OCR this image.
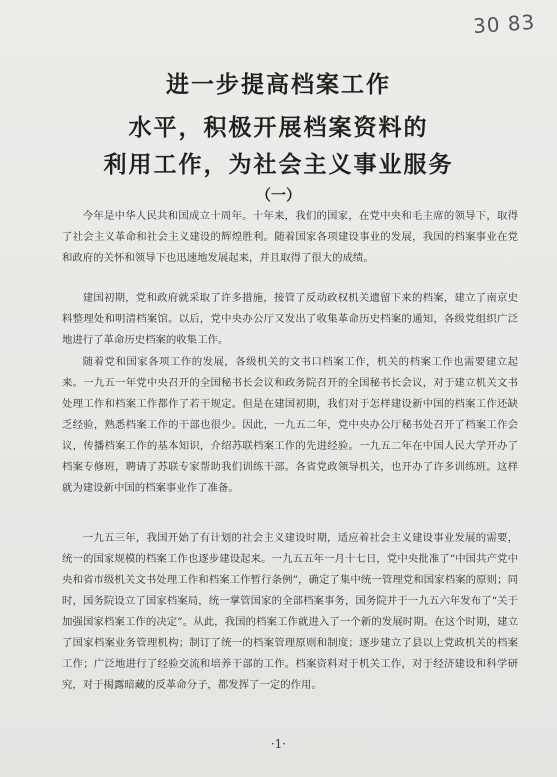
30 83
进一步提高档案工作
水平，积极开展档案资料的
利用工作，为社会主义事业服务
（一）

今年是中华人民共和国成立十周年。十年来，我们的国家，在党中央和毛主席的领导下，取得了社会主义革命和社会主义建设的辉煌胜利。随着国家各项建设事业的发展，我国的档案事业在党和政府的关怀和领导下也迅速地发展起来，并且取得了很大的成绩。

建国初期，党和政府就采取了许多措施，接管了反动政权机关遗留下来的档案，建立了南京史料整理处和明清档案馆。以后，党中央办公厅又发出了收集革命历史档案的通知，各级党组织广泛地进行了革命历史档案的收集工作。

随着党和国家各项工作的发展，各级机关的文书口档案工作，机关的档案工作也需要建立起来。一九五一年党中央召开的全国秘书长会议和政务院召开的全国秘书长会议，对于建立机关文书处理工作和档案工作都作了若干规定。但是在建国初期，我们对于怎样建设新中国的档案工作还缺乏经验，熟悉档案工作的干部也很少。因此，一九五二年，党中央办公厅秘书处召开了档案工作会议，传播档案工作的基本知识，介绍苏联档案工作的先进经验。一九五二年在中国人民大学开办了档案专修班，聘请了苏联专家帮助我们训练干部。各省党政领导机关，也开办了许多训练班。这样就为建设新中国的档案事业作了准备。

一九五三年，我国开始了有计划的社会主义建设时期，适应着社会主义建设事业发展的需要，统一的国家规模的档案工作也逐步建设起来。一九五五年一月十七日，党中央批准了“中国共产党中央和省市级机关文书处理工作和档案工作暂行条例”，确定了集中统一管理党和国家档案的原则；同时，国务院设立了国家档案局，统一掌管国家的全部档案事务，国务院并于一九五六年发布了“关于加强国家档案工作的决定”。从此，我国的档案工作就进入了一个新的发展时期。在这个时期，建立了国家档案业务管理机构；制订了统一的档案管理原则和制度；逐步建立了县以上党政机关的档案工作；广泛地进行了经验交流和培养干部的工作。档案资料对于机关工作，对于经济建设和科学研究，对于揭露暗藏的反革命分子，都发挥了一定的作用。

·1·
